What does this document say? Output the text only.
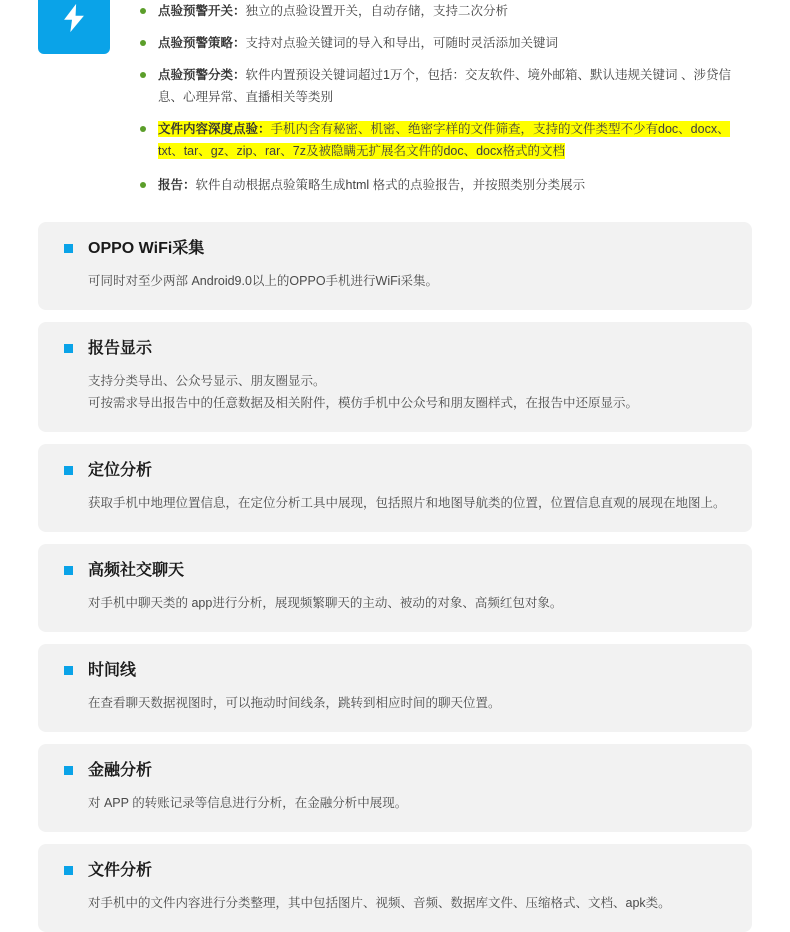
点验预警开关：独立的点验设置开关，自动存储，支持二次分析
点验预警策略：支持对点验关键词的导入和导出，可随时灵活添加关键词
点验预警分类：软件内置预设关键词超过1万个，包括：交友软件、境外邮箱、默认违规关键词 、涉贷信息、心理异常、直播相关等类别
文件内容深度点验：手机内含有秘密、机密、绝密字样的文件筛查，支持的文件类型不少有doc、docx、txt、tar、gz、zip、rar、7z及被隐瞒无扩展名文件的doc、docx格式的文档
报告：软件自动根据点验策略生成html 格式的点验报告，并按照类别分类展示
OPPO WiFi采集
可同时对至少两部 Android9.0以上的OPPO手机进行WiFi采集。
报告显示
支持分类导出、公众号显示、朋友圈显示。
可按需求导出报告中的任意数据及相关附件，模仿手机中公众号和朋友圈样式，在报告中还原显示。
定位分析
获取手机中地理位置信息，在定位分析工具中展现，包括照片和地图导航类的位置，位置信息直观的展现在地图上。
高频社交聊天
对手机中聊天类的 app进行分析，展现频繁聊天的主动、被动的对象、高频红包对象。
时间线
在查看聊天数据视图时，可以拖动时间线条，跳转到相应时间的聊天位置。
金融分析
对 APP 的转账记录等信息进行分析，在金融分析中展现。
文件分析
对手机中的文件内容进行分类整理，其中包括图片、视频、音频、数据库文件、压缩格式、文档、apk类。
